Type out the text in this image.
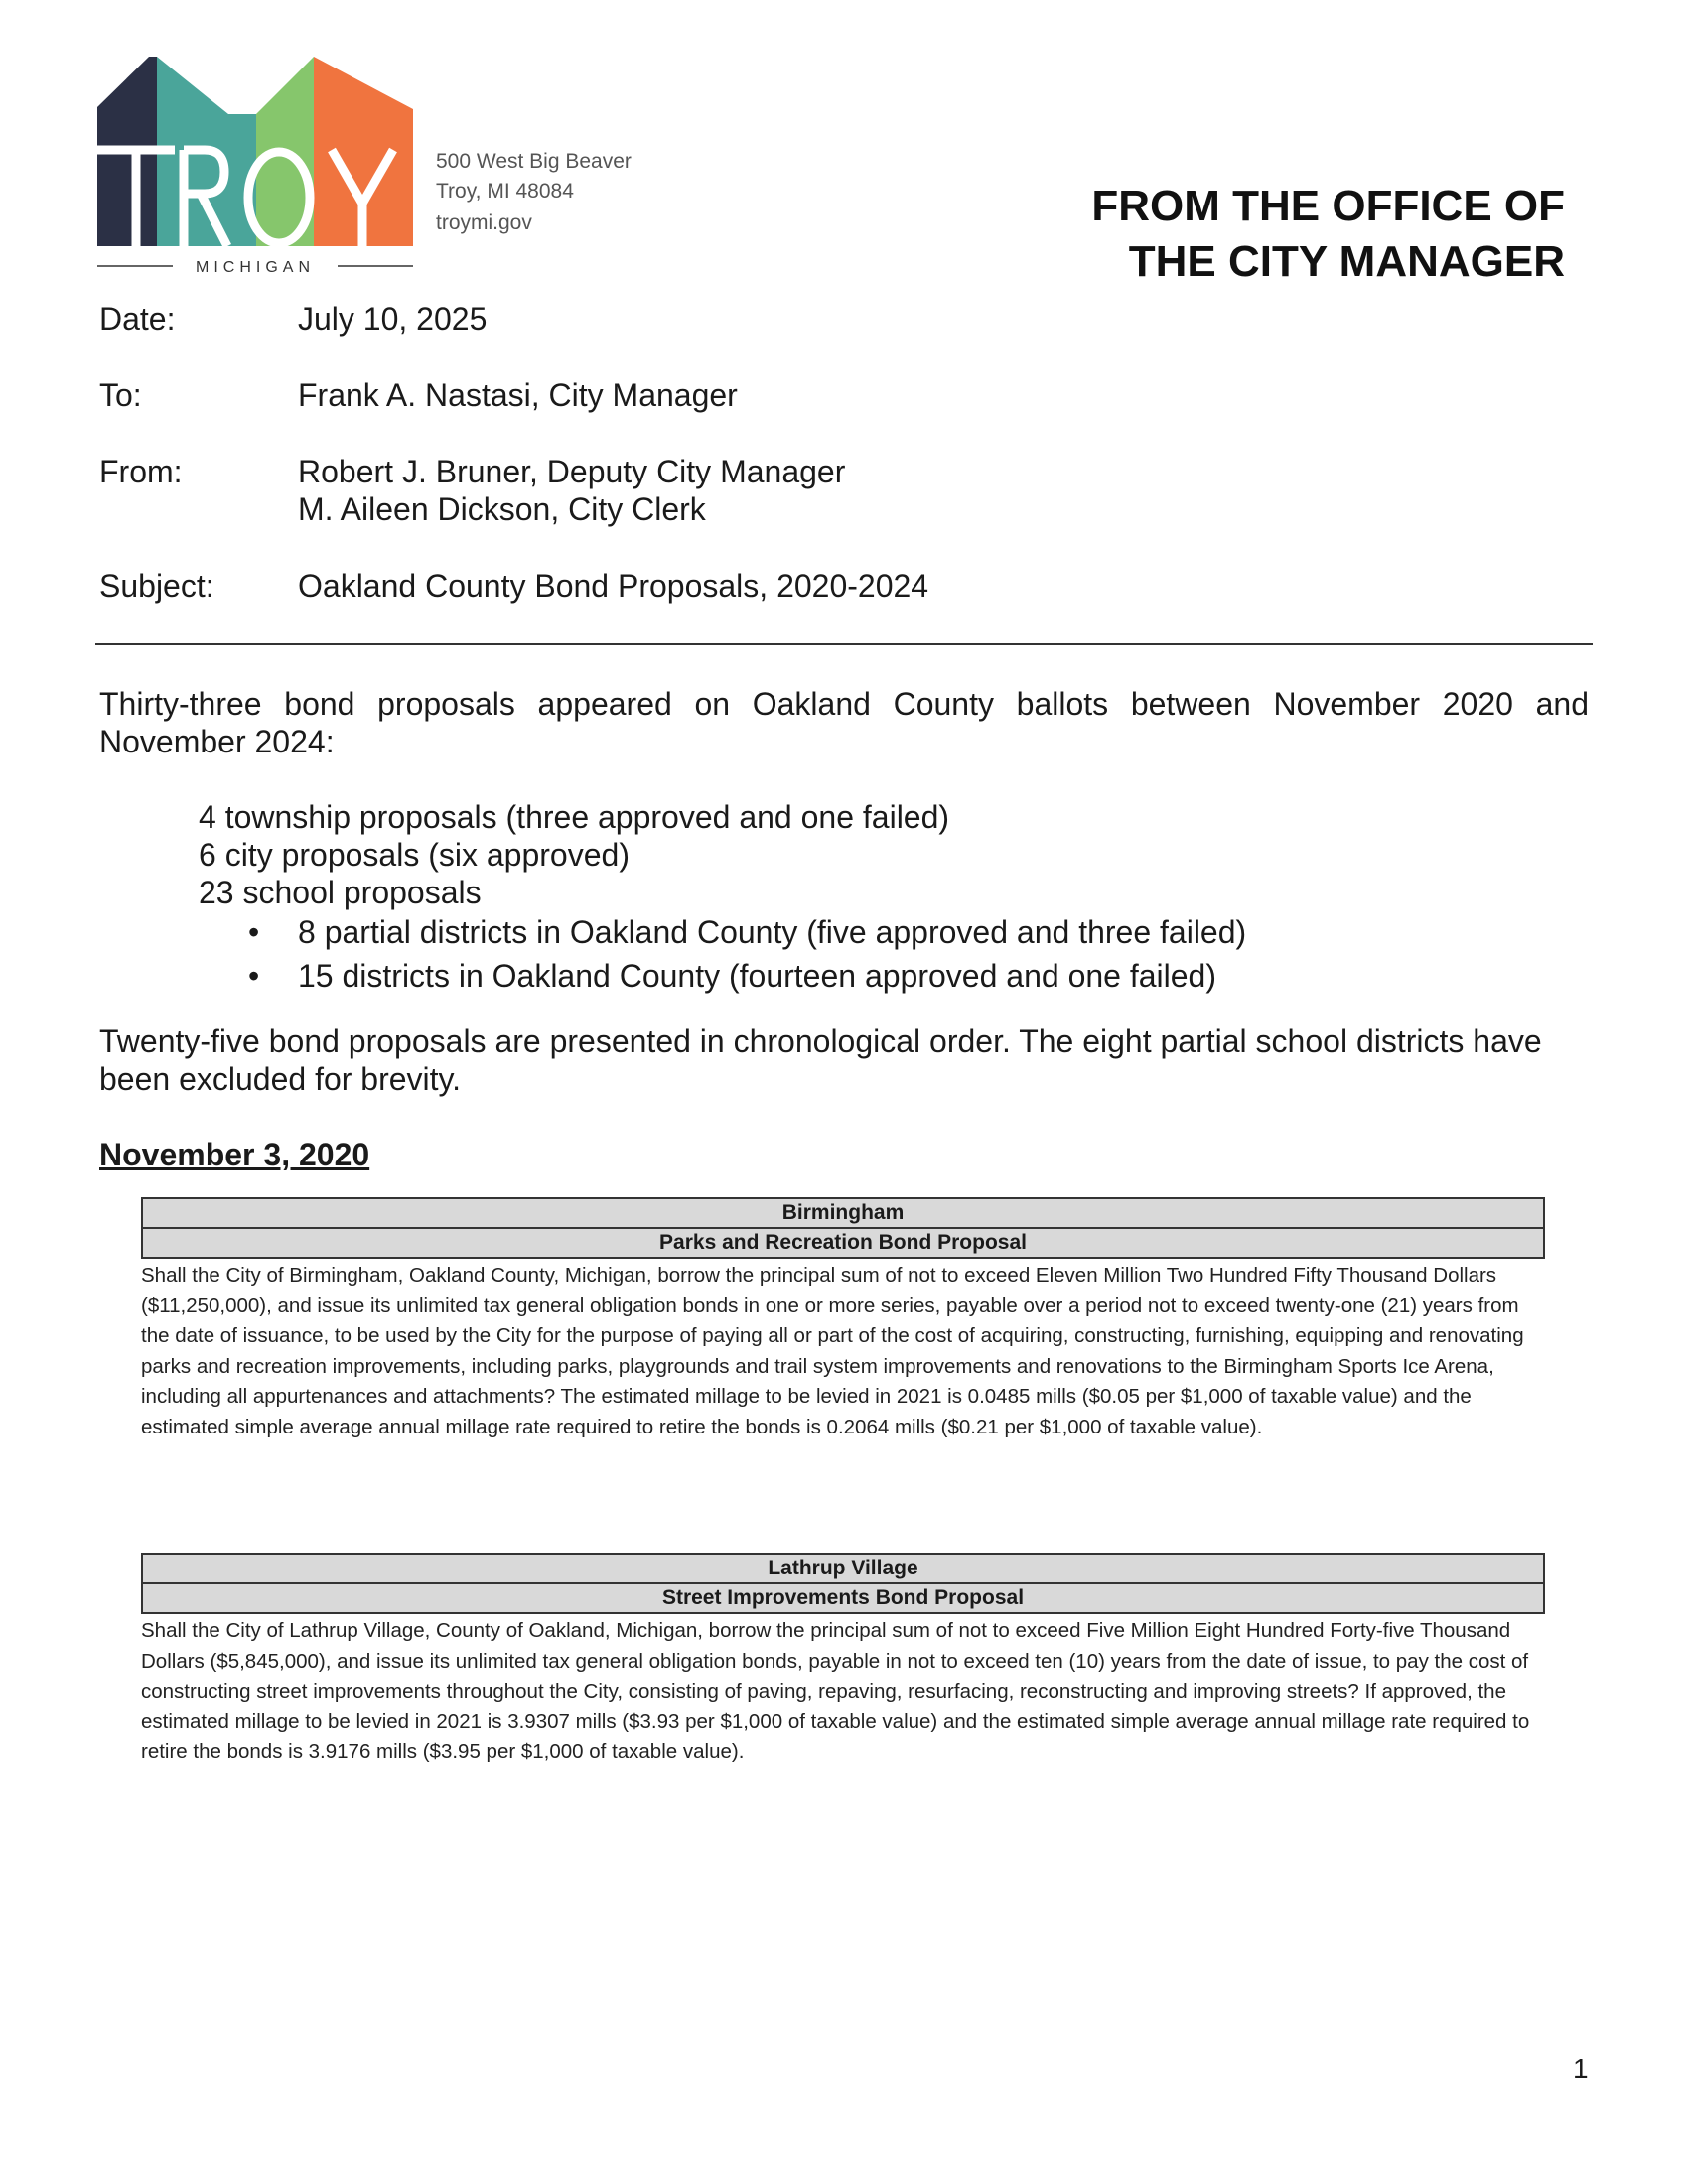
MICHIGAN
500 West Big Beaver
Troy, MI 48084
troymi.gov	FROM THE OFFICE OF
THE CITY MANAGER
Date:	July 10, 2025
To:	Frank A. Nastasi, City Manager
From:	Robert J. Bruner, Deputy City Manager
M. Aileen Dickson, City Clerk
Subject:	Oakland County Bond Proposals, 2020-2024
Thirty-three bond proposals appeared on Oakland County ballots between November 2020 and November 2024:
4 township proposals (three approved and one failed)
6 city proposals (six approved)
23 school proposals
• 8 partial districts in Oakland County (five approved and three failed)
• 15 districts in Oakland County (fourteen approved and one failed)
Twenty-five bond proposals are presented in chronological order. The eight partial school districts have been excluded for brevity.
November 3, 2020
Birmingham
Parks and Recreation Bond Proposal
Shall the City of Birmingham, Oakland County, Michigan, borrow the principal sum of not to exceed Eleven Million Two Hundred Fifty Thousand Dollars ($11,250,000), and issue its unlimited tax general obligation bonds in one or more series, payable over a period not to exceed twenty-one (21) years from the date of issuance, to be used by the City for the purpose of paying all or part of the cost of acquiring, constructing, furnishing, equipping and renovating parks and recreation improvements, including parks, playgrounds and trail system improvements and renovations to the Birmingham Sports Ice Arena, including all appurtenances and attachments? The estimated millage to be levied in 2021 is 0.0485 mills ($0.05 per $1,000 of taxable value) and the estimated simple average annual millage rate required to retire the bonds is 0.2064 mills ($0.21 per $1,000 of taxable value).
Lathrup Village
Street Improvements Bond Proposal
Shall the City of Lathrup Village, County of Oakland, Michigan, borrow the principal sum of not to exceed Five Million Eight Hundred Forty-five Thousand Dollars ($5,845,000), and issue its unlimited tax general obligation bonds, payable in not to exceed ten (10) years from the date of issue, to pay the cost of constructing street improvements throughout the City, consisting of paving, repaving, resurfacing, reconstructing and improving streets? If approved, the estimated millage to be levied in 2021 is 3.9307 mills ($3.93 per $1,000 of taxable value) and the estimated simple average annual millage rate required to retire the bonds is 3.9176 mills ($3.95 per $1,000 of taxable value).
1
